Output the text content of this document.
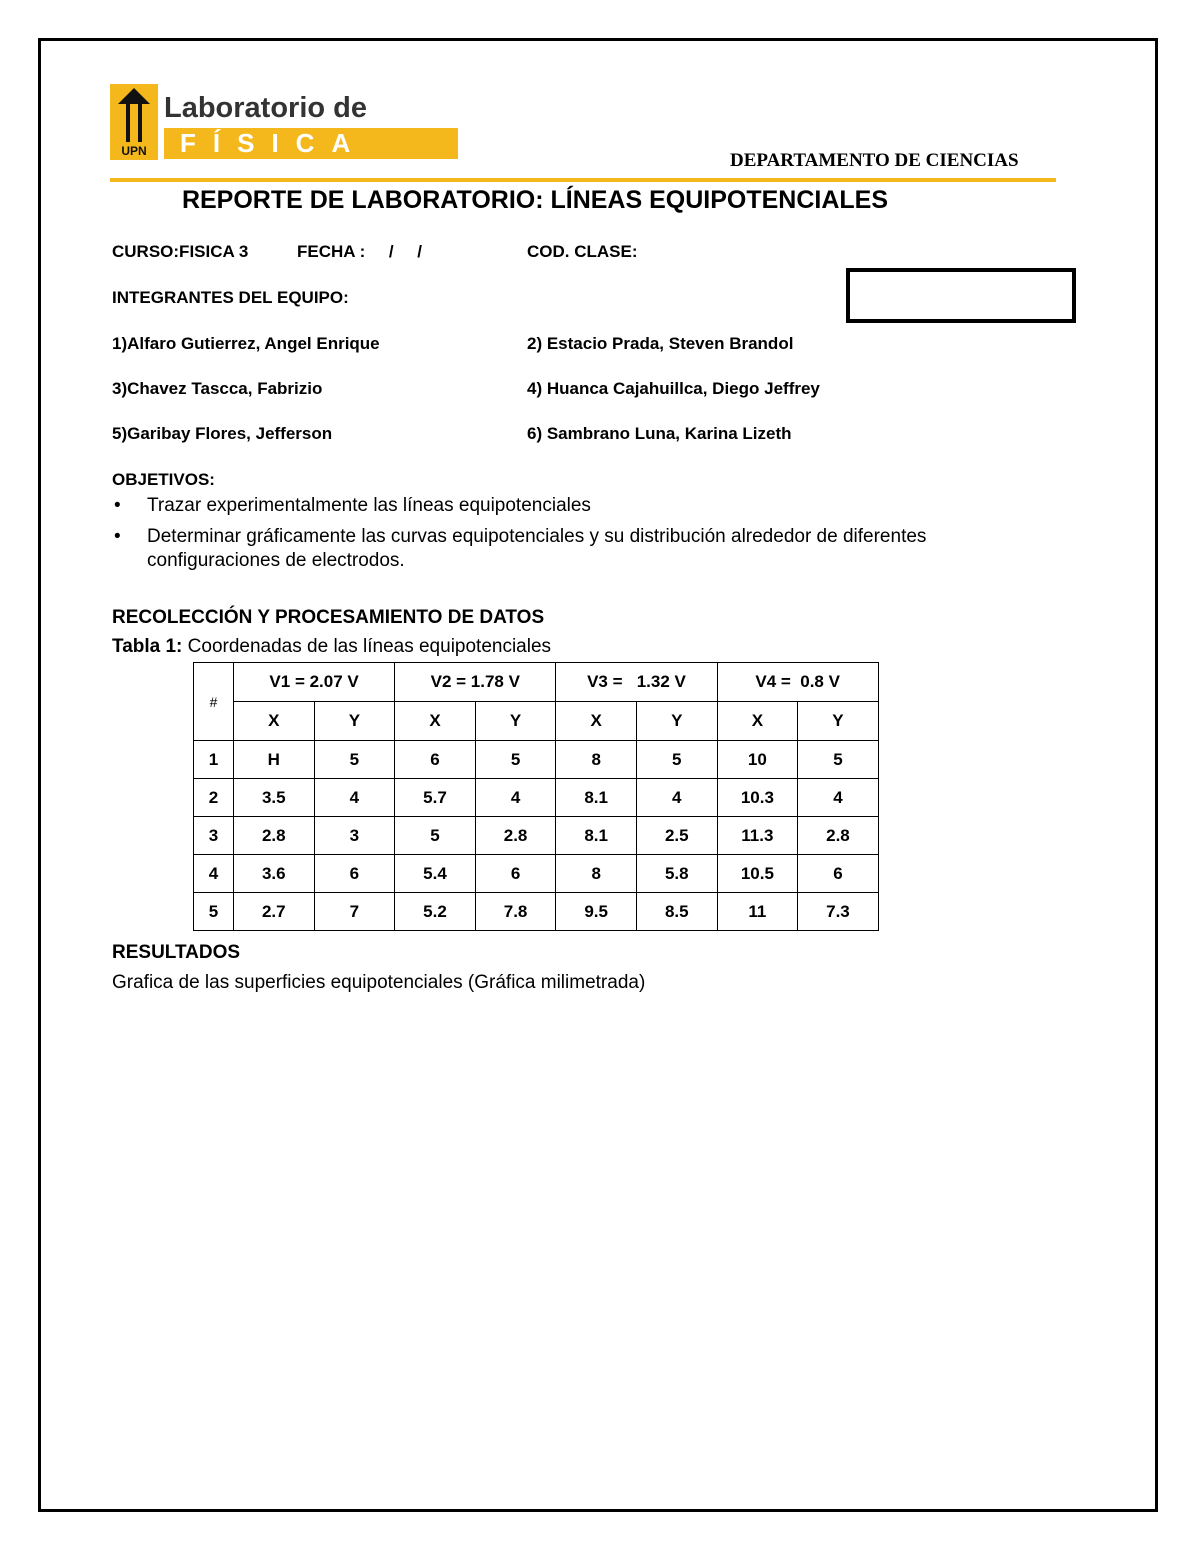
UPN
Laboratorio de
FÍSICA
DEPARTAMENTO DE CIENCIAS
REPORTE DE LABORATORIO: LÍNEAS EQUIPOTENCIALES
CURSO:FISICA 3	FECHA :     /     /	COD. CLASE:
INTEGRANTES DEL EQUIPO:
1)Alfaro Gutierrez, Angel Enrique	2) Estacio Prada, Steven Brandol
3)Chavez Tascca, Fabrizio	4) Huanca Cajahuillca, Diego Jeffrey
5)Garibay Flores, Jefferson	6) Sambrano Luna, Karina Lizeth
OBJETIVOS:
• Trazar experimentalmente las líneas equipotenciales
• Determinar gráficamente las curvas equipotenciales y su distribución alrededor de diferentes configuraciones de electrodos.
RECOLECCIÓN Y PROCESAMIENTO DE DATOS
Tabla 1: Coordenadas de las líneas equipotenciales
#	V1 = 2.07 V		V2 = 1.78 V		V3 =   1.32 V		V4 =  0.8 V	
	X	Y	X	Y	X	Y	X	Y
1	H	5	6	5	8	5	10	5
2	3.5	4	5.7	4	8.1	4	10.3	4
3	2.8	3	5	2.8	8.1	2.5	11.3	2.8
4	3.6	6	5.4	6	8	5.8	10.5	6
5	2.7	7	5.2	7.8	9.5	8.5	11	7.3
RESULTADOS
Grafica de las superficies equipotenciales (Gráfica milimetrada)
